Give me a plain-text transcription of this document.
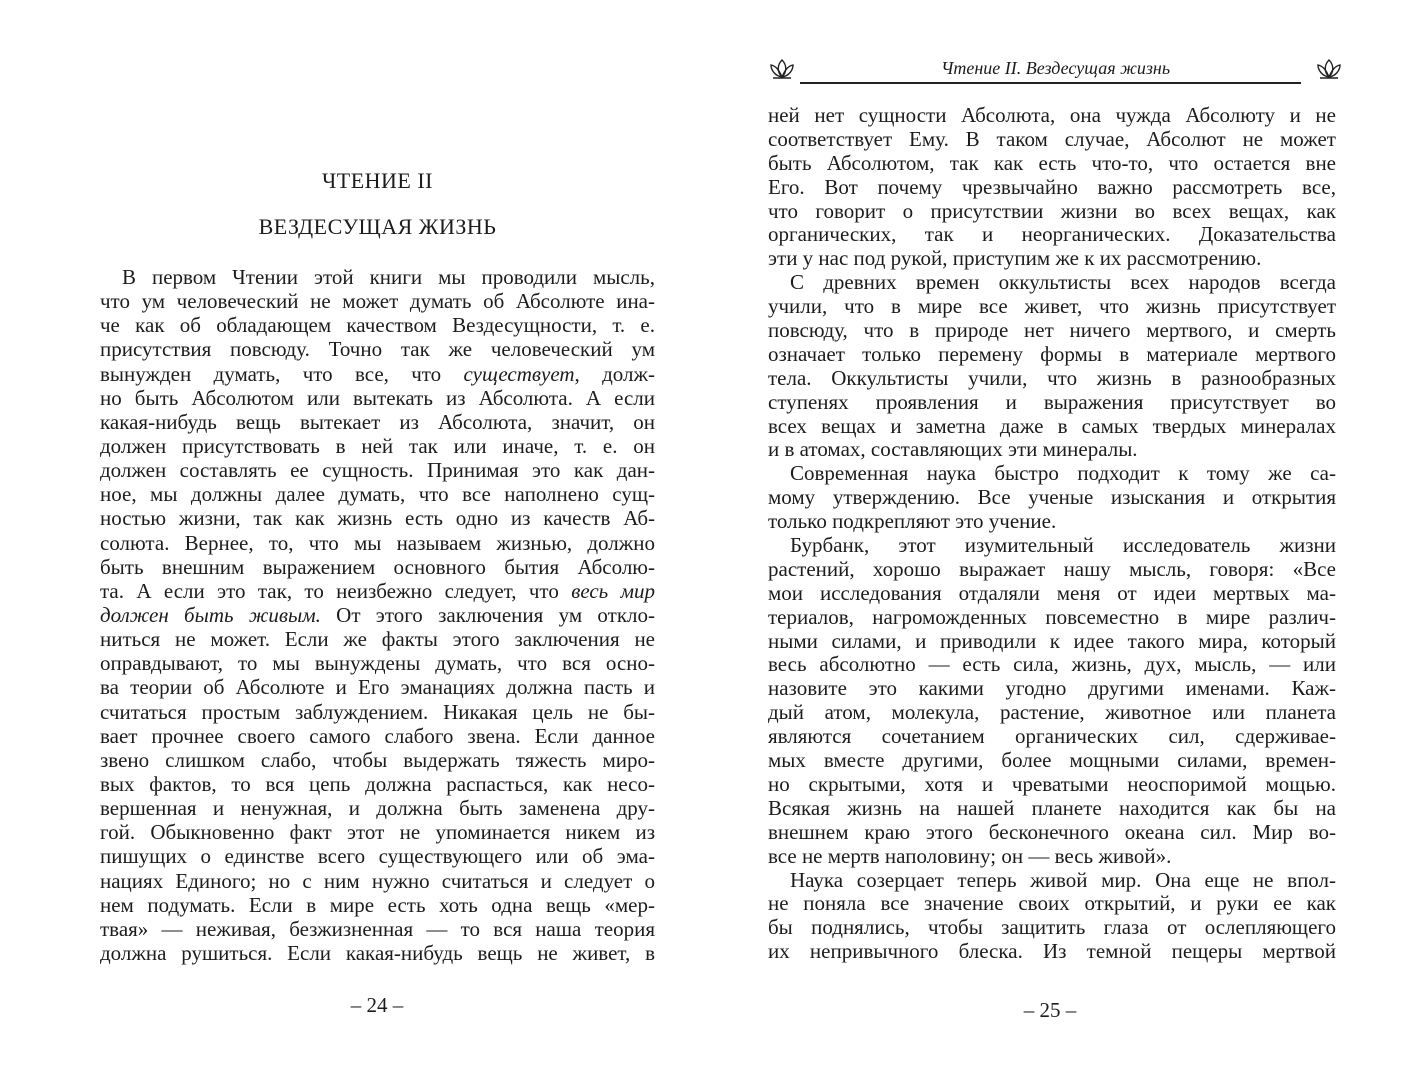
ЧТЕНИЕ II
ВЕЗДЕСУЩАЯ ЖИЗНЬ
В первом Чтении этой книги мы проводили мысль,
что ум человеческий не может думать об Абсолюте ина-
че как об обладающем качеством Вездесущности, т. е.
присутствия повсюду. Точно так же человеческий ум
вынужден думать, что все, что существует, долж-
но быть Абсолютом или вытекать из Абсолюта. А если
какая-нибудь вещь вытекает из Абсолюта, значит, он
должен присутствовать в ней так или иначе, т. е. он
должен составлять ее сущность. Принимая это как дан-
ное, мы должны далее думать, что все наполнено сущ-
ностью жизни, так как жизнь есть одно из качеств Аб-
солюта. Вернее, то, что мы называем жизнью, должно
быть внешним выражением основного бытия Абсолю-
та. А если это так, то неизбежно следует, что весь мир
должен быть живым. От этого заключения ум откло-
ниться не может. Если же факты этого заключения не
оправдывают, то мы вынуждены думать, что вся осно-
ва теории об Абсолюте и Его эманациях должна пасть и
считаться простым заблуждением. Никакая цель не бы-
вает прочнее своего самого слабого звена. Если данное
звено слишком слабо, чтобы выдержать тяжесть миро-
вых фактов, то вся цепь должна распасться, как несо-
вершенная и ненужная, и должна быть заменена дру-
гой. Обыкновенно факт этот не упоминается никем из
пишущих о единстве всего существующего или об эма-
нациях Единого; но с ним нужно считаться и следует о
нем подумать. Если в мире есть хоть одна вещь «мер-
твая» — неживая, безжизненная — то вся наша теория
должна рушиться. Если какая-нибудь вещь не живет, в
– 24 –
Чтение II. Вездесущая жизнь
ней нет сущности Абсолюта, она чужда Абсолюту и не
соответствует Ему. В таком случае, Абсолют не может
быть Абсолютом, так как есть что-то, что остается вне
Его. Вот почему чрезвычайно важно рассмотреть все,
что говорит о присутствии жизни во всех вещах, как
органических, так и неорганических. Доказательства
эти у нас под рукой, приступим же к их рассмотрению.
С древних времен оккультисты всех народов всегда
учили, что в мире все живет, что жизнь присутствует
повсюду, что в природе нет ничего мертвого, и смерть
означает только перемену формы в материале мертвого
тела. Оккультисты учили, что жизнь в разнообразных
ступенях проявления и выражения присутствует во
всех вещах и заметна даже в самых твердых минералах
и в атомах, составляющих эти минералы.
Современная наука быстро подходит к тому же са-
мому утверждению. Все ученые изыскания и открытия
только подкрепляют это учение.
Бурбанк, этот изумительный исследователь жизни
растений, хорошо выражает нашу мысль, говоря: «Все
мои исследования отдаляли меня от идеи мертвых ма-
териалов, нагроможденных повсеместно в мире различ-
ными силами, и приводили к идее такого мира, который
весь абсолютно — есть сила, жизнь, дух, мысль, — или
назовите это какими угодно другими именами. Каж-
дый атом, молекула, растение, животное или планета
являются сочетанием органических сил, сдерживае-
мых вместе другими, более мощными силами, времен-
но скрытыми, хотя и чреватыми неоспоримой мощью.
Всякая жизнь на нашей планете находится как бы на
внешнем краю этого бесконечного океана сил. Мир во-
все не мертв наполовину; он — весь живой».
Наука созерцает теперь живой мир. Она еще не впол-
не поняла все значение своих открытий, и руки ее как
бы поднялись, чтобы защитить глаза от ослепляющего
их непривычного блеска. Из темной пещеры мертвой
– 25 –
